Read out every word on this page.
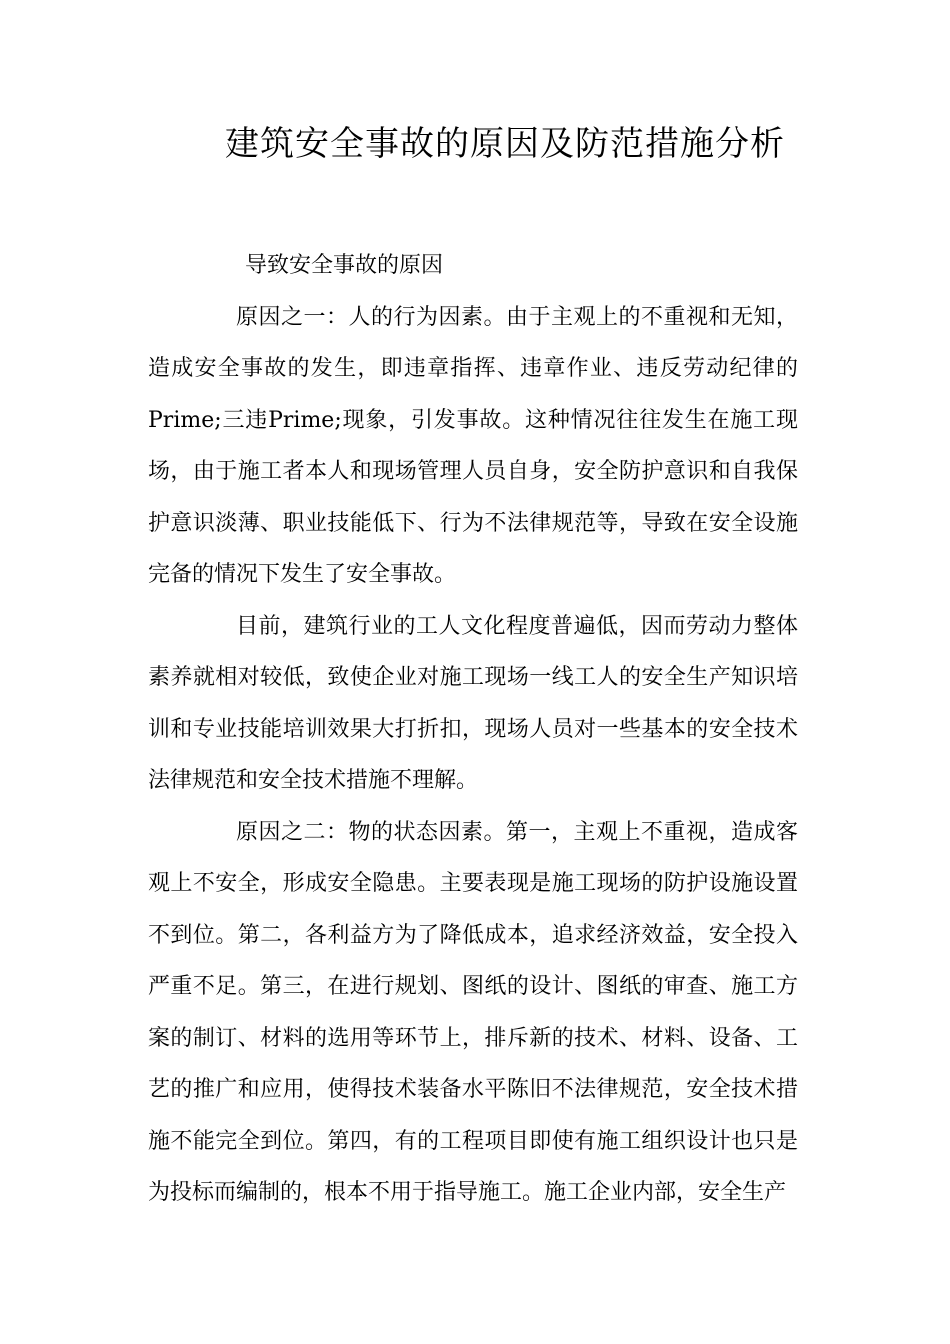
建筑安全事故的原因及防范措施分析

导致安全事故的原因

原因之一：人的行为因素。由于主观上的不重视和无知，造成安全事故的发生，即违章指挥、违章作业、违反劳动纪律的Prime;三违Prime;现象，引发事故。这种情况往往发生在施工现场，由于施工者本人和现场管理人员自身，安全防护意识和自我保护意识淡薄、职业技能低下、行为不法律规范等，导致在安全设施完备的情况下发生了安全事故。

目前，建筑行业的工人文化程度普遍低，因而劳动力整体素养就相对较低，致使企业对施工现场一线工人的安全生产知识培训和专业技能培训效果大打折扣，现场人员对一些基本的安全技术法律规范和安全技术措施不理解。

原因之二：物的状态因素。第一，主观上不重视，造成客观上不安全，形成安全隐患。主要表现是施工现场的防护设施设置不到位。第二，各利益方为了降低成本，追求经济效益，安全投入严重不足。第三，在进行规划、图纸的设计、图纸的审查、施工方案的制订、材料的选用等环节上，排斥新的技术、材料、设备、工艺的推广和应用，使得技术装备水平陈旧不法律规范，安全技术措施不能完全到位。第四，有的工程项目即使有施工组织设计也只是为投标而编制的，根本不用于指导施工。施工企业内部，安全生产
